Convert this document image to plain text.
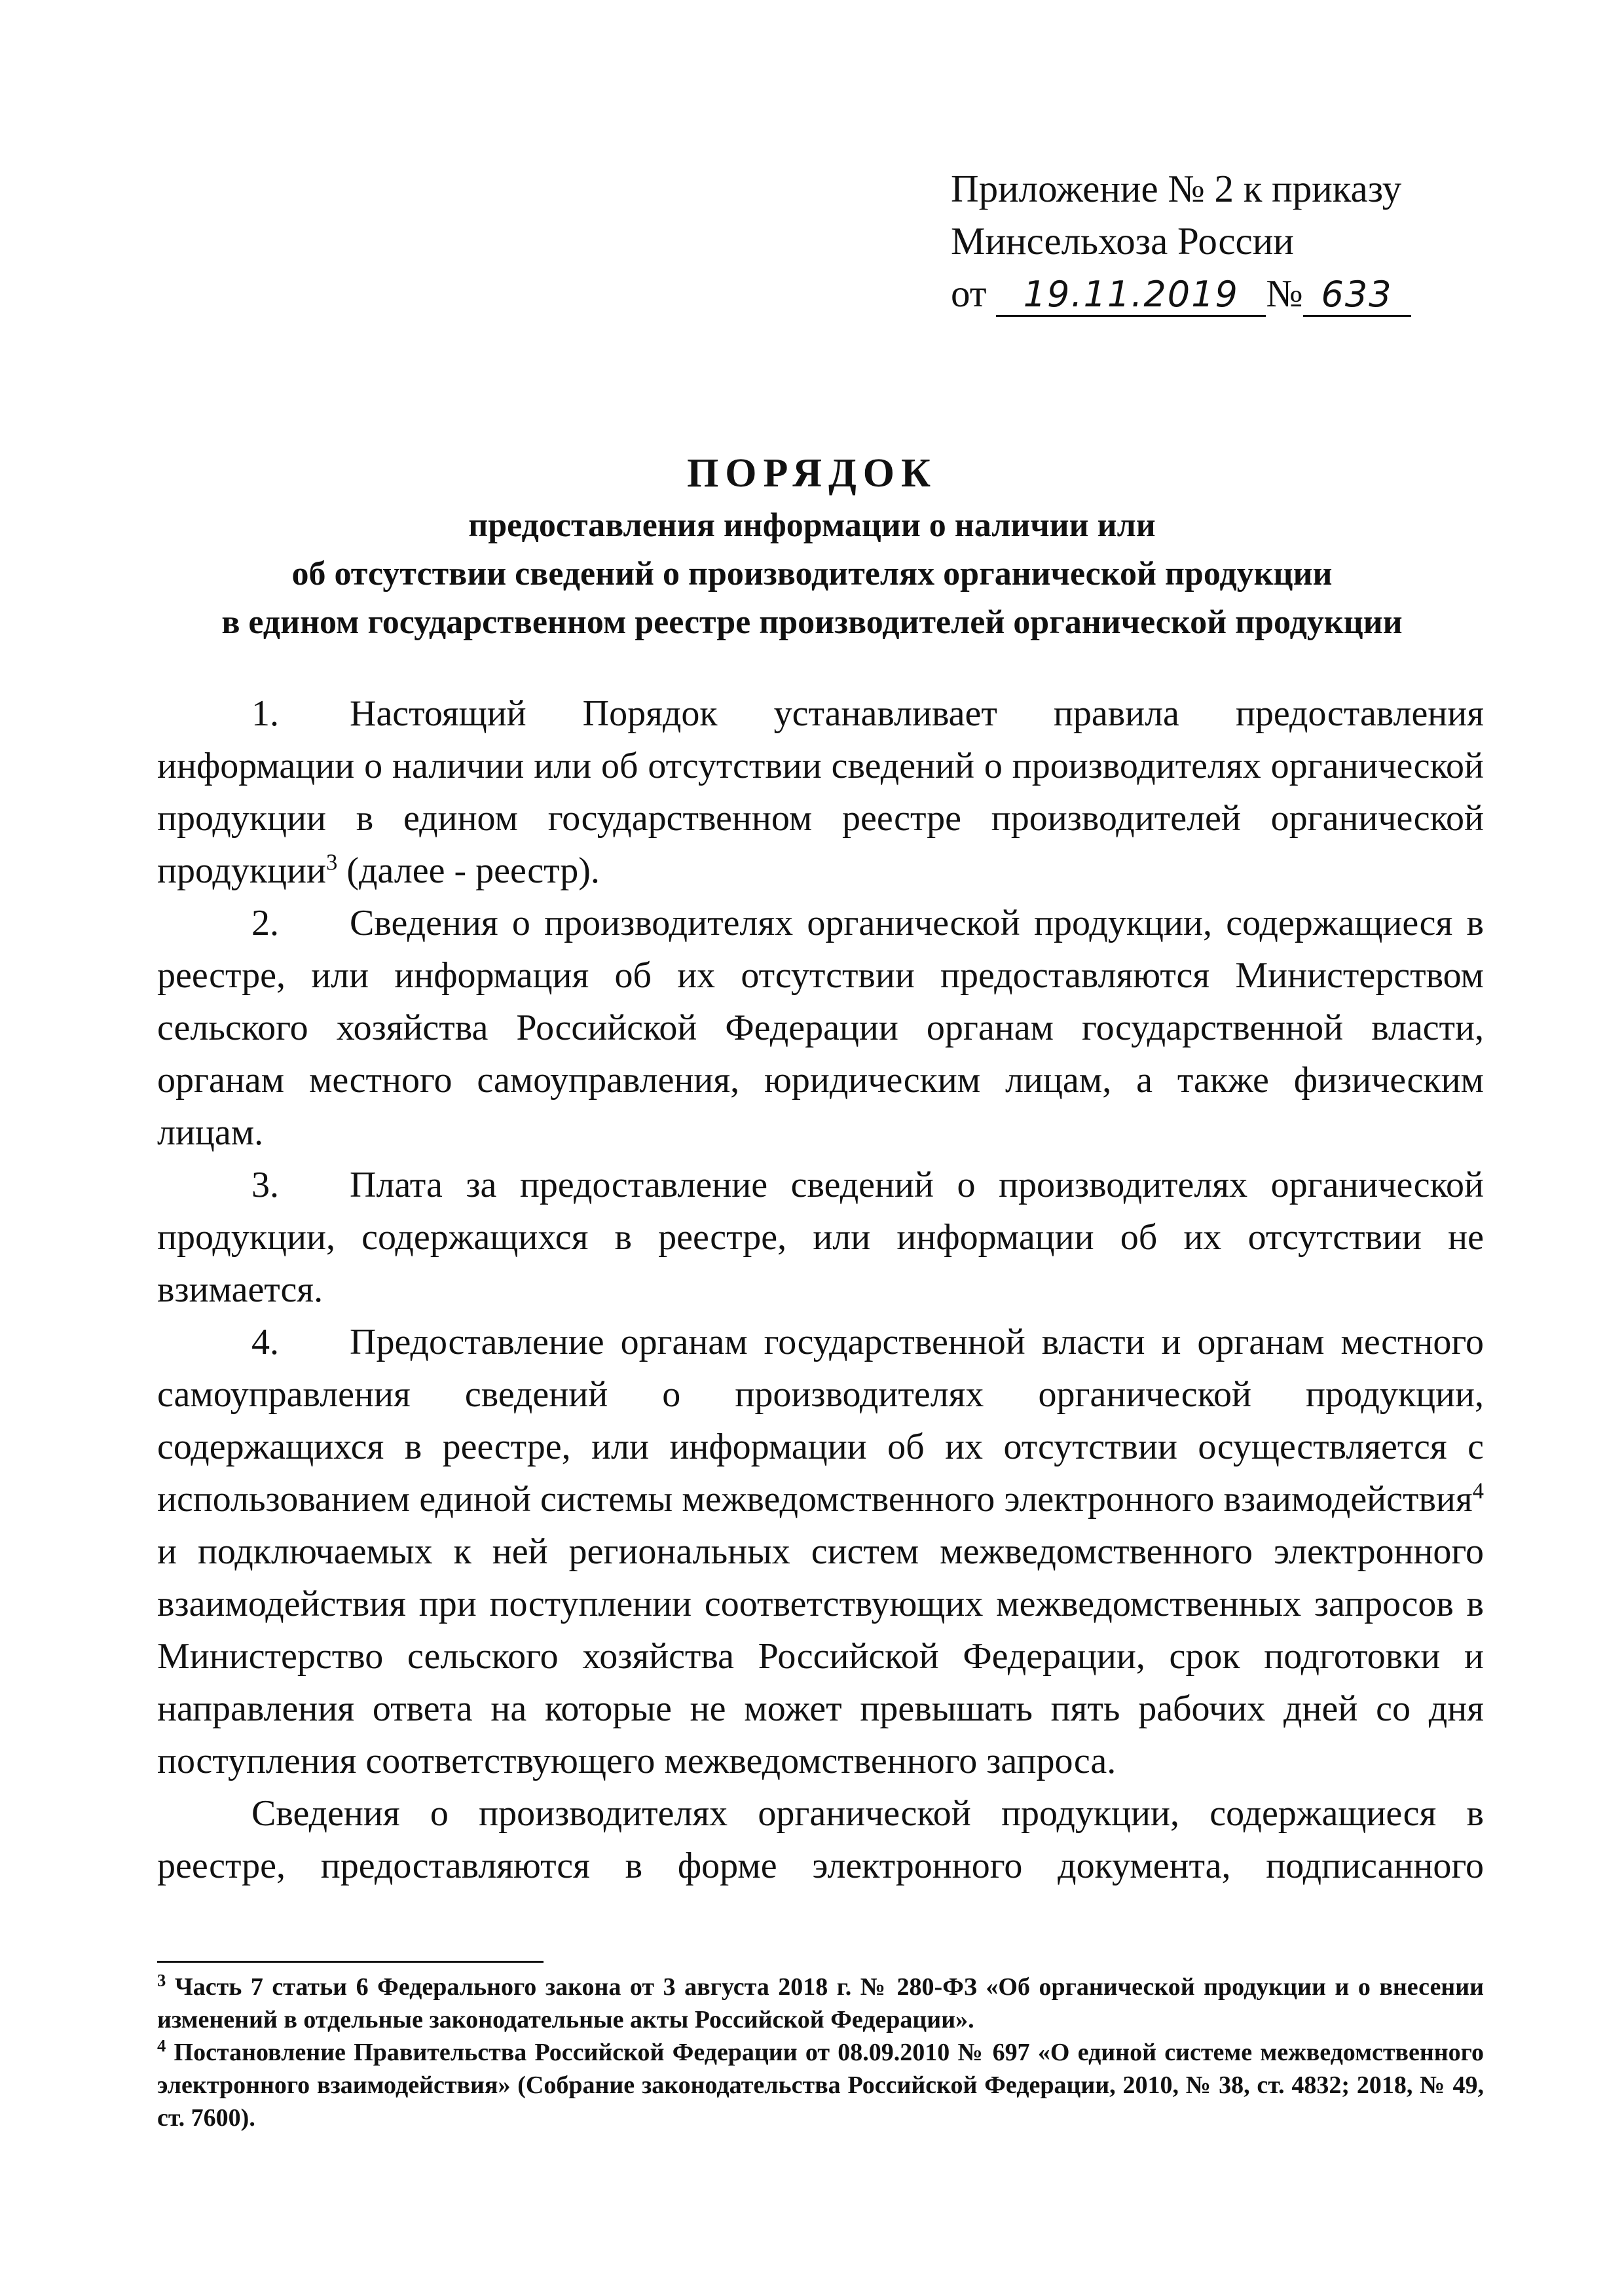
Приложение № 2 к приказу
Минсельхоза России
от 19.11.2019 № 633
ПОРЯДОК
предоставления информации о наличии или
об отсутствии сведений о производителях органической продукции
в едином государственном реестре производителей органической продукции

1. Настоящий Порядок устанавливает правила предоставления информации о наличии или об отсутствии сведений о производителях органической продукции в едином государственном реестре производителей органической продукции$^3$ (далее - реестр).

2. Сведения о производителях органической продукции, содержащиеся в реестре, или информация об их отсутствии предоставляются Министерством сельского хозяйства Российской Федерации органам государственной власти, органам местного самоуправления, юридическим лицам, а также физическим лицам.

3. Плата за предоставление сведений о производителях органической продукции, содержащихся в реестре, или информации об их отсутствии не взимается.

4. Предоставление органам государственной власти и органам местного самоуправления сведений о производителях органической продукции, содержащихся в реестре, или информации об их отсутствии осуществляется с использованием единой системы межведомственного электронного взаимодействия$^4$ и подключаемых к ней региональных систем межведомственного электронного взаимодействия при поступлении соответствующих межведомственных запросов в Министерство сельского хозяйства Российской Федерации, срок подготовки и направления ответа на которые не может превышать пять рабочих дней со дня поступления соответствующего межведомственного запроса.

Сведения о производителях органической продукции, содержащиеся в реестре, предоставляются в форме электронного документа, подписанного

$^3$ Часть 7 статьи 6 Федерального закона от 3 августа 2018 г. № 280-ФЗ «Об органической продукции и о внесении изменений в отдельные законодательные акты Российской Федерации».

$^4$ Постановление Правительства Российской Федерации от 08.09.2010 № 697 «О единой системе межведомственного электронного взаимодействия» (Собрание законодательства Российской Федерации, 2010, № 38, ст. 4832; 2018, № 49, ст. 7600).
